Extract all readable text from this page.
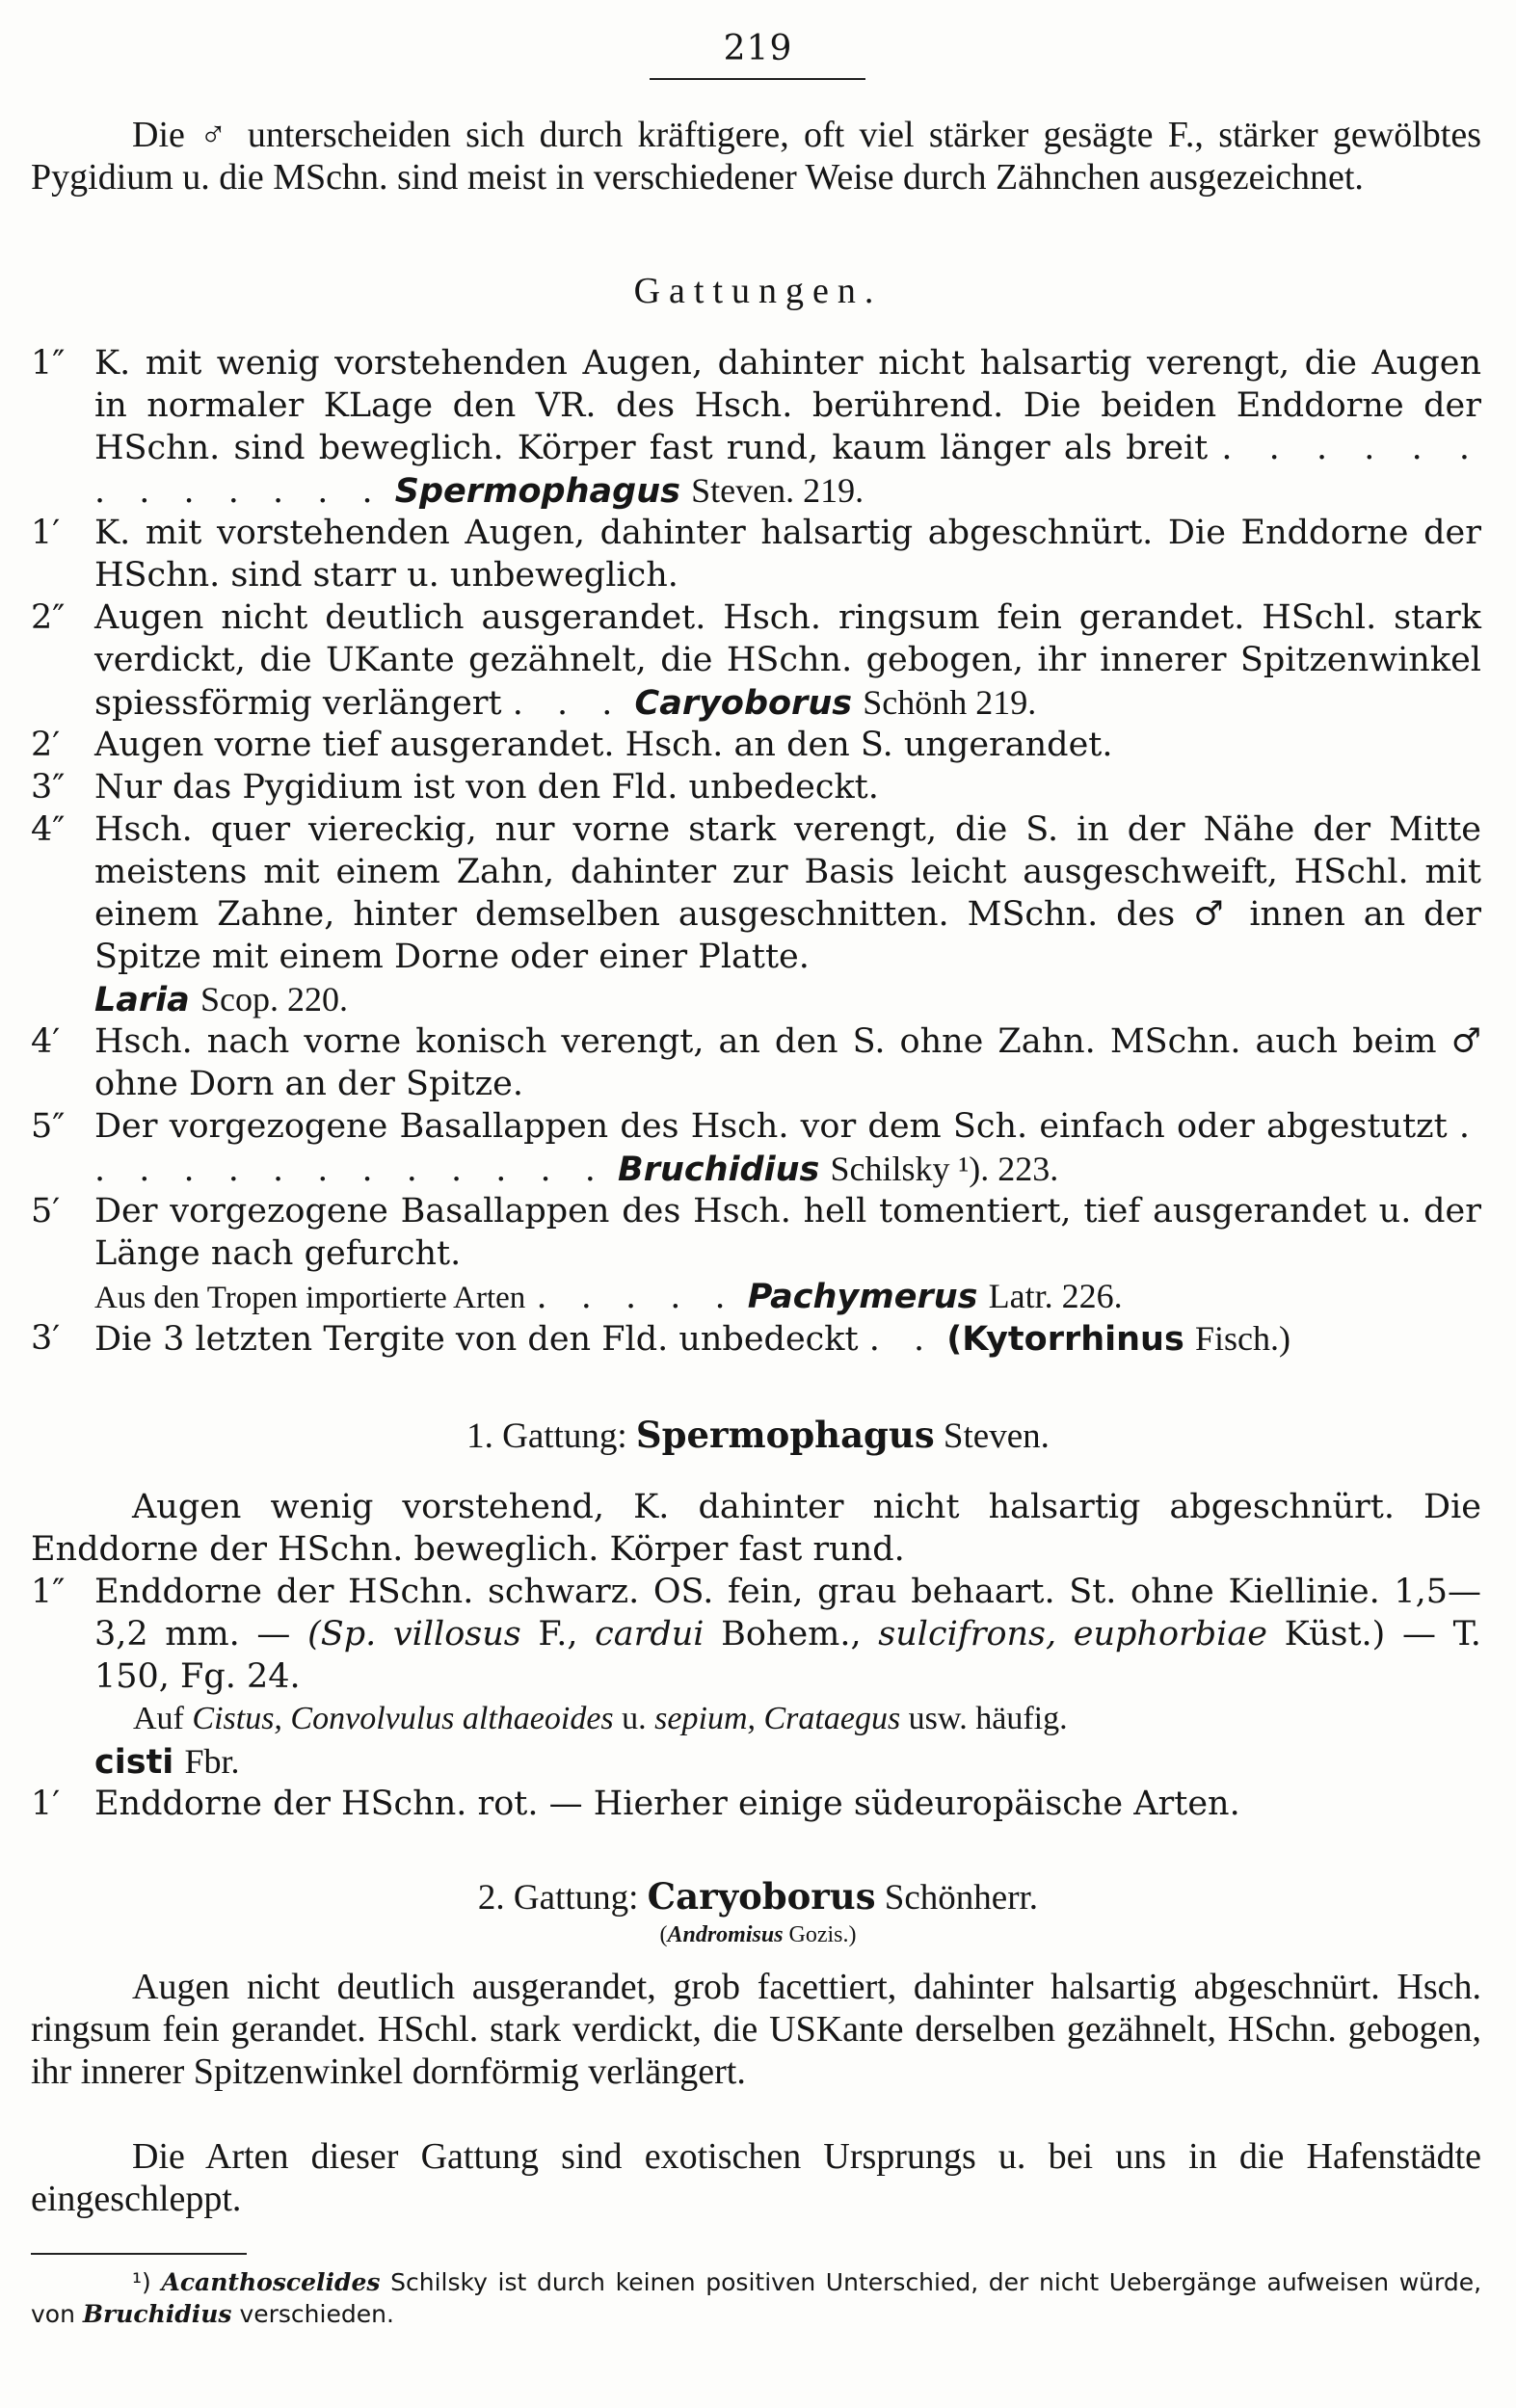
219
Die ♂ unterscheiden sich durch kräftigere, oft viel stärker gesägte F., stärker gewölbtes Pygidium u. die MSchn. sind meist in verschiedener Weise durch Zähnchen ausgezeichnet.
Gattungen.
1″ K. mit wenig vorstehenden Augen, dahinter nicht halsartig verengt, die Augen in normaler KLage den VR. des Hsch. berührend. Die beiden Enddorne der HSchn. sind beweglich. Körper fast rund, kaum länger als breit . . . . . . . . . . . . . Spermophagus Steven. 219.
1′	K. mit vorstehenden Augen, dahinter halsartig abgeschnürt. Die Enddorne der HSchn. sind starr u. unbeweglich.
2″ Augen nicht deutlich ausgerandet. Hsch. ringsum fein gerandet. HSchl. stark verdickt, die UKante gezähnelt, die HSchn. gebogen, ihr innerer Spitzenwinkel spiessförmig verlängert . . . Caryoborus Schönh 219.
2′	Augen vorne tief ausgerandet. Hsch. an den S. ungerandet.
3″ Nur das Pygidium ist von den Fld. unbedeckt.
4″ Hsch. quer viereckig, nur vorne stark verengt, die S. in der Nähe der Mitte meistens mit einem Zahn, dahinter zur Basis leicht ausgeschweift, HSchl. mit einem Zahne, hinter demselben ausgeschnitten. MSchn. des ♂ innen an der Spitze mit einem Dorne oder einer Platte.
Laria Scop. 220.
4′	Hsch. nach vorne konisch verengt, an den S. ohne Zahn. MSchn. auch beim ♂ ohne Dorn an der Spitze.
5″ Der vorgezogene Basallappen des Hsch. vor dem Sch. einfach oder abgestutzt . . . . . . . . . . . . . Bruchidius Schilsky ¹). 223.
5′	Der vorgezogene Basallappen des Hsch. hell tomentiert, tief ausgerandet u. der Länge nach gefurcht.
Aus den Tropen importierte Arten . . . . . Pachymerus Latr. 226.
3′	Die 3 letzten Tergite von den Fld. unbedeckt . . (Kytorrhinus Fisch.)
1. Gattung: Spermophagus Steven.
Augen wenig vorstehend, K. dahinter nicht halsartig abgeschnürt. Die Enddorne der HSchn. beweglich. Körper fast rund.
1″ Enddorne der HSchn. schwarz. OS. fein, grau behaart. St. ohne Kiellinie. 1,5—3,2 mm. — (Sp. villosus F., cardui Bohem., sulcifrons, euphorbiae Küst.) — T. 150, Fg. 24.
Auf Cistus, Convolvulus althaeoides u. sepium, Crataegus usw. häufig.
cisti Fbr.
1′	Enddorne der HSchn. rot. — Hierher einige südeuropäische Arten.
2. Gattung: Caryoborus Schönherr.
(Andromisus Gozis.)
Augen nicht deutlich ausgerandet, grob facettiert, dahinter halsartig abgeschnürt. Hsch. ringsum fein gerandet. HSchl. stark verdickt, die USKante derselben gezähnelt, HSchn. gebogen, ihr innerer Spitzenwinkel dornförmig verlängert.
Die Arten dieser Gattung sind exotischen Ursprungs u. bei uns in die Hafenstädte eingeschleppt.
¹) Acanthoscelides Schilsky ist durch keinen positiven Unterschied, der nicht Uebergänge aufweisen würde, von Bruchidius verschieden.
